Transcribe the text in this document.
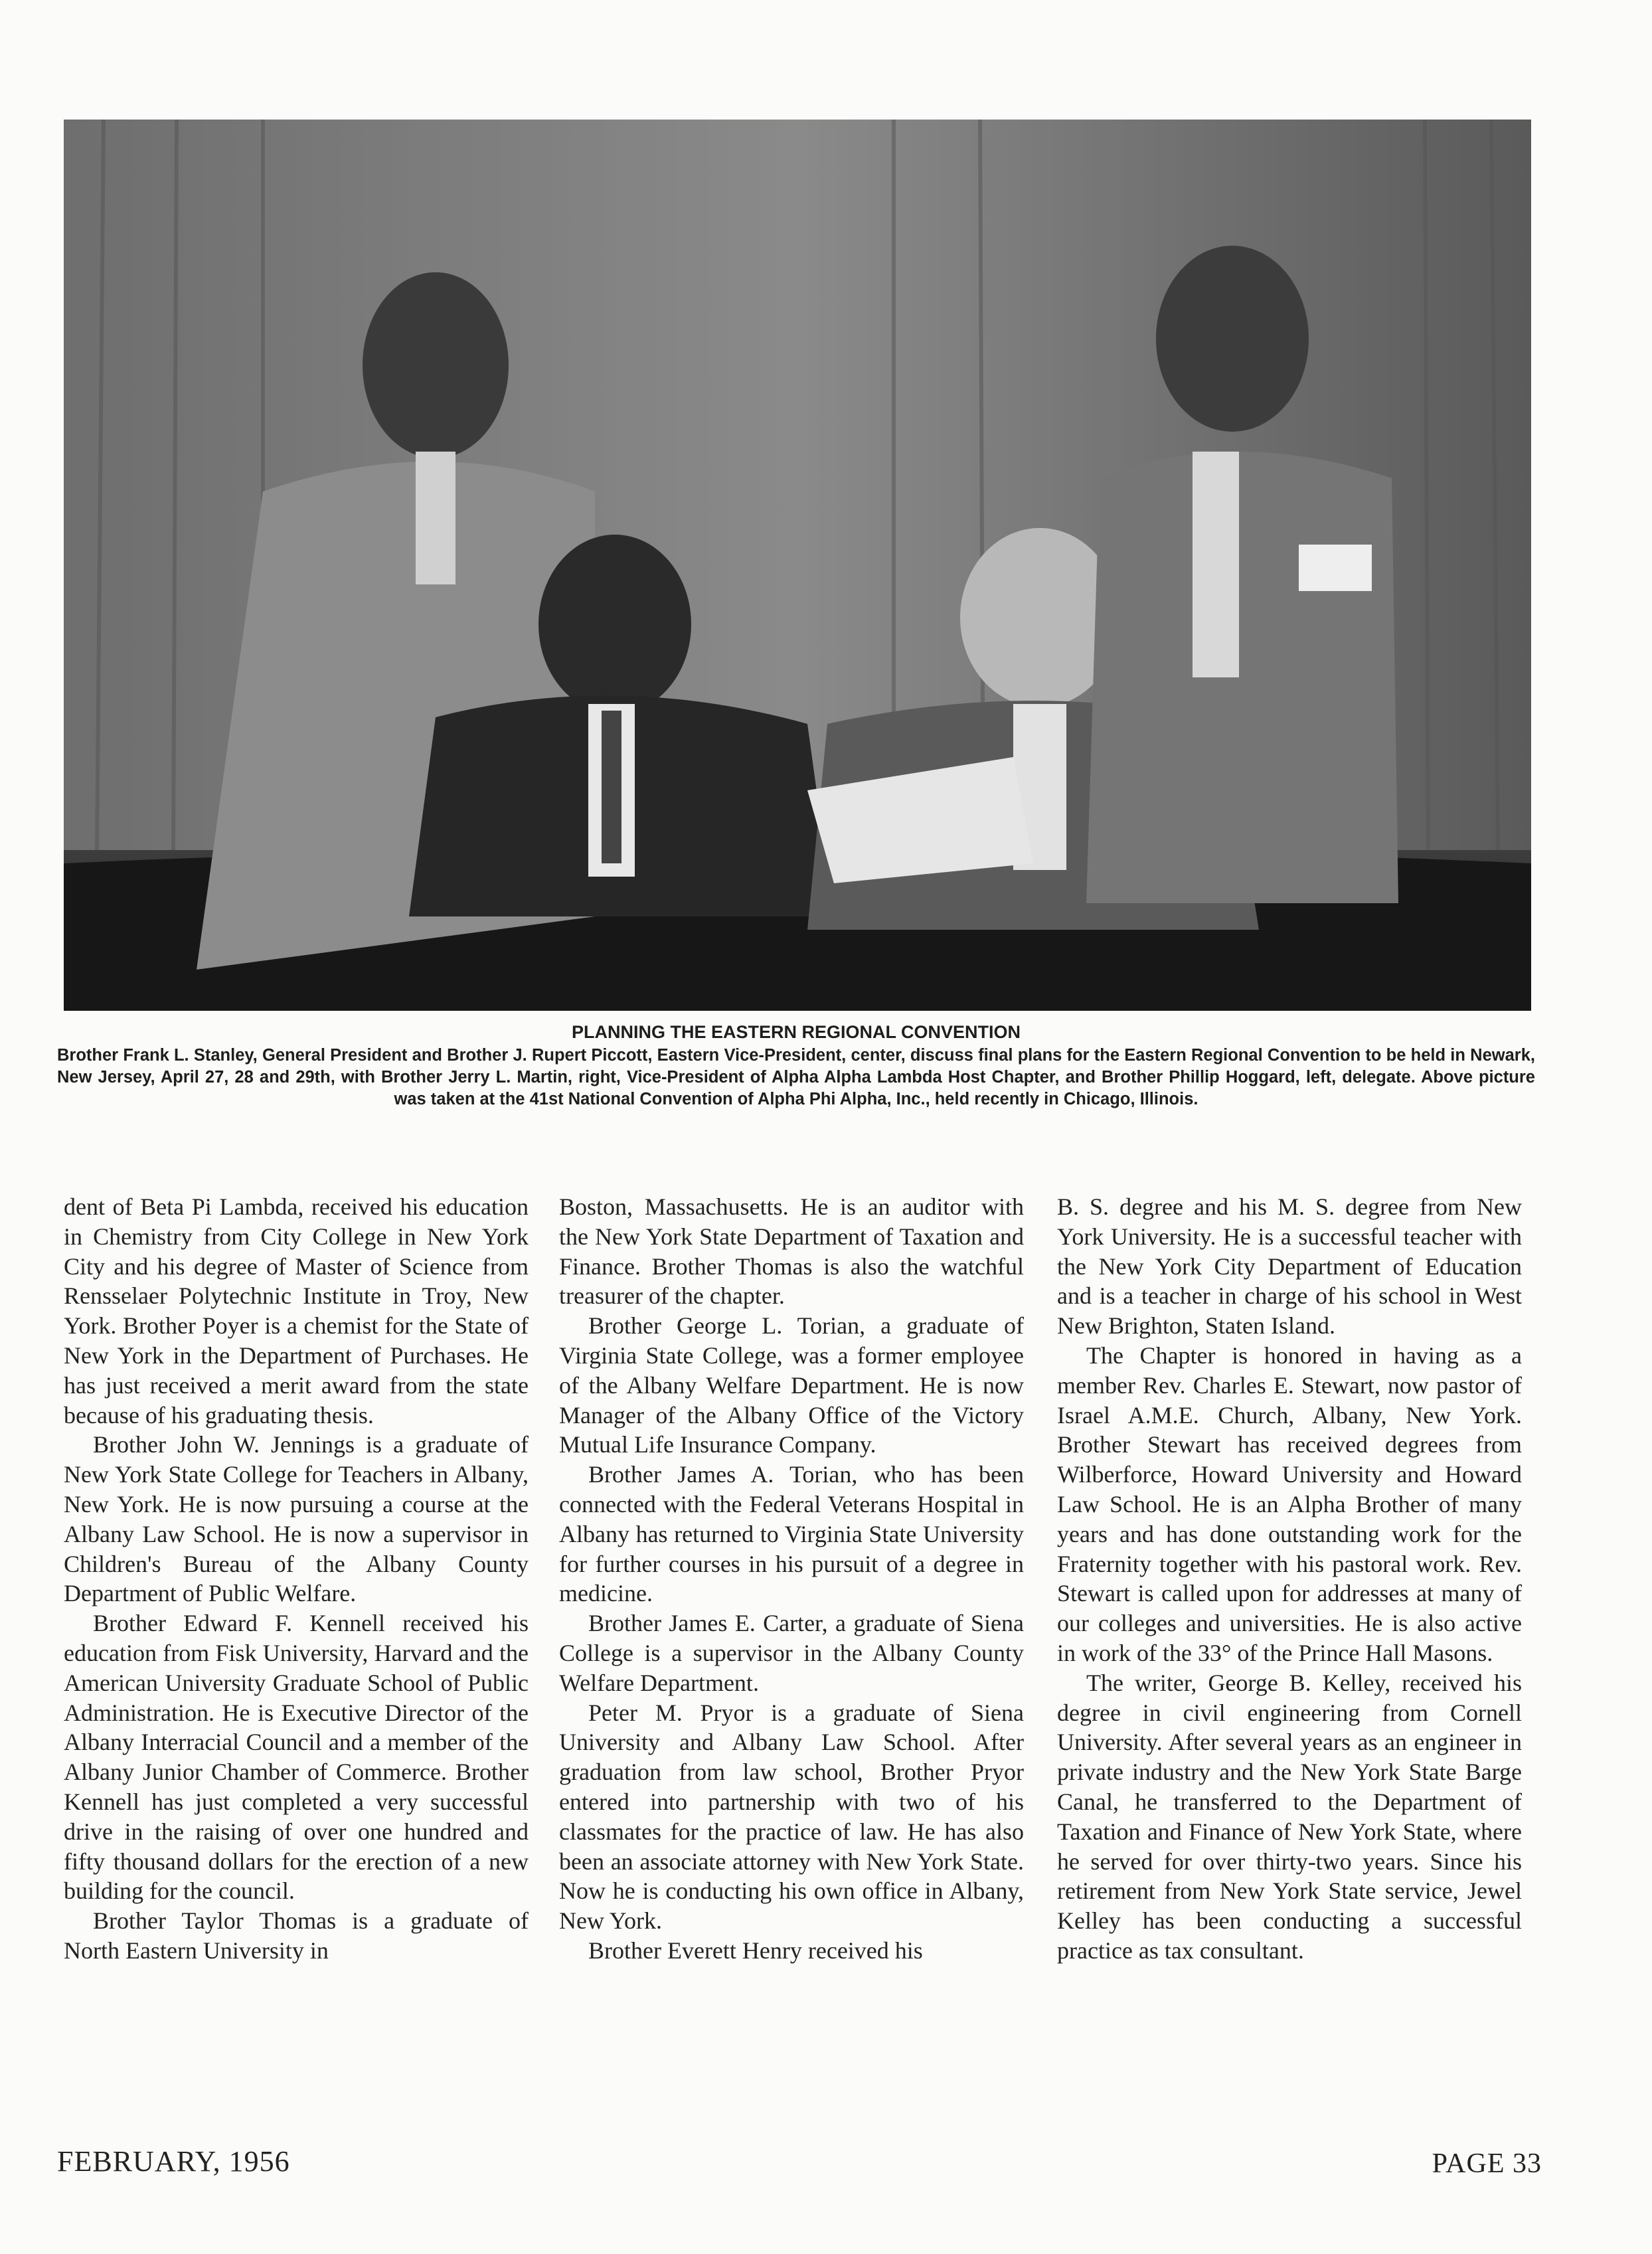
PLANNING THE EASTERN REGIONAL CONVENTION
Brother Frank L. Stanley, General President and Brother J. Rupert Piccott, Eastern Vice-President, center, discuss final plans for the Eastern Regional Convention to be held in Newark, New Jersey, April 27, 28 and 29th, with Brother Jerry L. Martin, right, Vice-President of Alpha Alpha Lambda Host Chapter, and Brother Phillip Hoggard, left, delegate. Above picture was taken at the 41st National Convention of Alpha Phi Alpha, Inc., held recently in Chicago, Illinois.

dent of Beta Pi Lambda, received his education in Chemistry from City College in New York City and his degree of Master of Science from Rensselaer Polytechnic Institute in Troy, New York. Brother Poyer is a chemist for the State of New York in the Department of Purchases. He has just received a merit award from the state because of his graduating thesis.

Brother John W. Jennings is a graduate of New York State College for Teachers in Albany, New York. He is now pursuing a course at the Albany Law School. He is now a supervisor in Children's Bureau of the Albany County Department of Public Welfare.

Brother Edward F. Kennell received his education from Fisk University, Harvard and the American University Graduate School of Public Administration. He is Executive Director of the Albany Interracial Council and a member of the Albany Junior Chamber of Commerce. Brother Kennell has just completed a very successful drive in the raising of over one hundred and fifty thousand dollars for the erection of a new building for the council.

Brother Taylor Thomas is a graduate of North Eastern University in

Boston, Massachusetts. He is an auditor with the New York State Department of Taxation and Finance. Brother Thomas is also the watchful treasurer of the chapter.

Brother George L. Torian, a graduate of Virginia State College, was a former employee of the Albany Welfare Department. He is now Manager of the Albany Office of the Victory Mutual Life Insurance Company.

Brother James A. Torian, who has been connected with the Federal Veterans Hospital in Albany has returned to Virginia State University for further courses in his pursuit of a degree in medicine.

Brother James E. Carter, a graduate of Siena College is a supervisor in the Albany County Welfare Department.

Peter M. Pryor is a graduate of Siena University and Albany Law School. After graduation from law school, Brother Pryor entered into partnership with two of his classmates for the practice of law. He has also been an associate attorney with New York State. Now he is conducting his own office in Albany, New York.

Brother Everett Henry received his

B. S. degree and his M. S. degree from New York University. He is a successful teacher with the New York City Department of Education and is a teacher in charge of his school in West New Brighton, Staten Island.

The Chapter is honored in having as a member Rev. Charles E. Stewart, now pastor of Israel A.M.E. Church, Albany, New York. Brother Stewart has received degrees from Wilberforce, Howard University and Howard Law School. He is an Alpha Brother of many years and has done outstanding work for the Fraternity together with his pastoral work. Rev. Stewart is called upon for addresses at many of our colleges and universities. He is also active in work of the 33° of the Prince Hall Masons.

The writer, George B. Kelley, received his degree in civil engineering from Cornell University. After several years as an engineer in private industry and the New York State Barge Canal, he transferred to the Department of Taxation and Finance of New York State, where he served for over thirty-two years. Since his retirement from New York State service, Jewel Kelley has been conducting a successful practice as tax consultant.

FEBRUARY, 1956	PAGE 33
